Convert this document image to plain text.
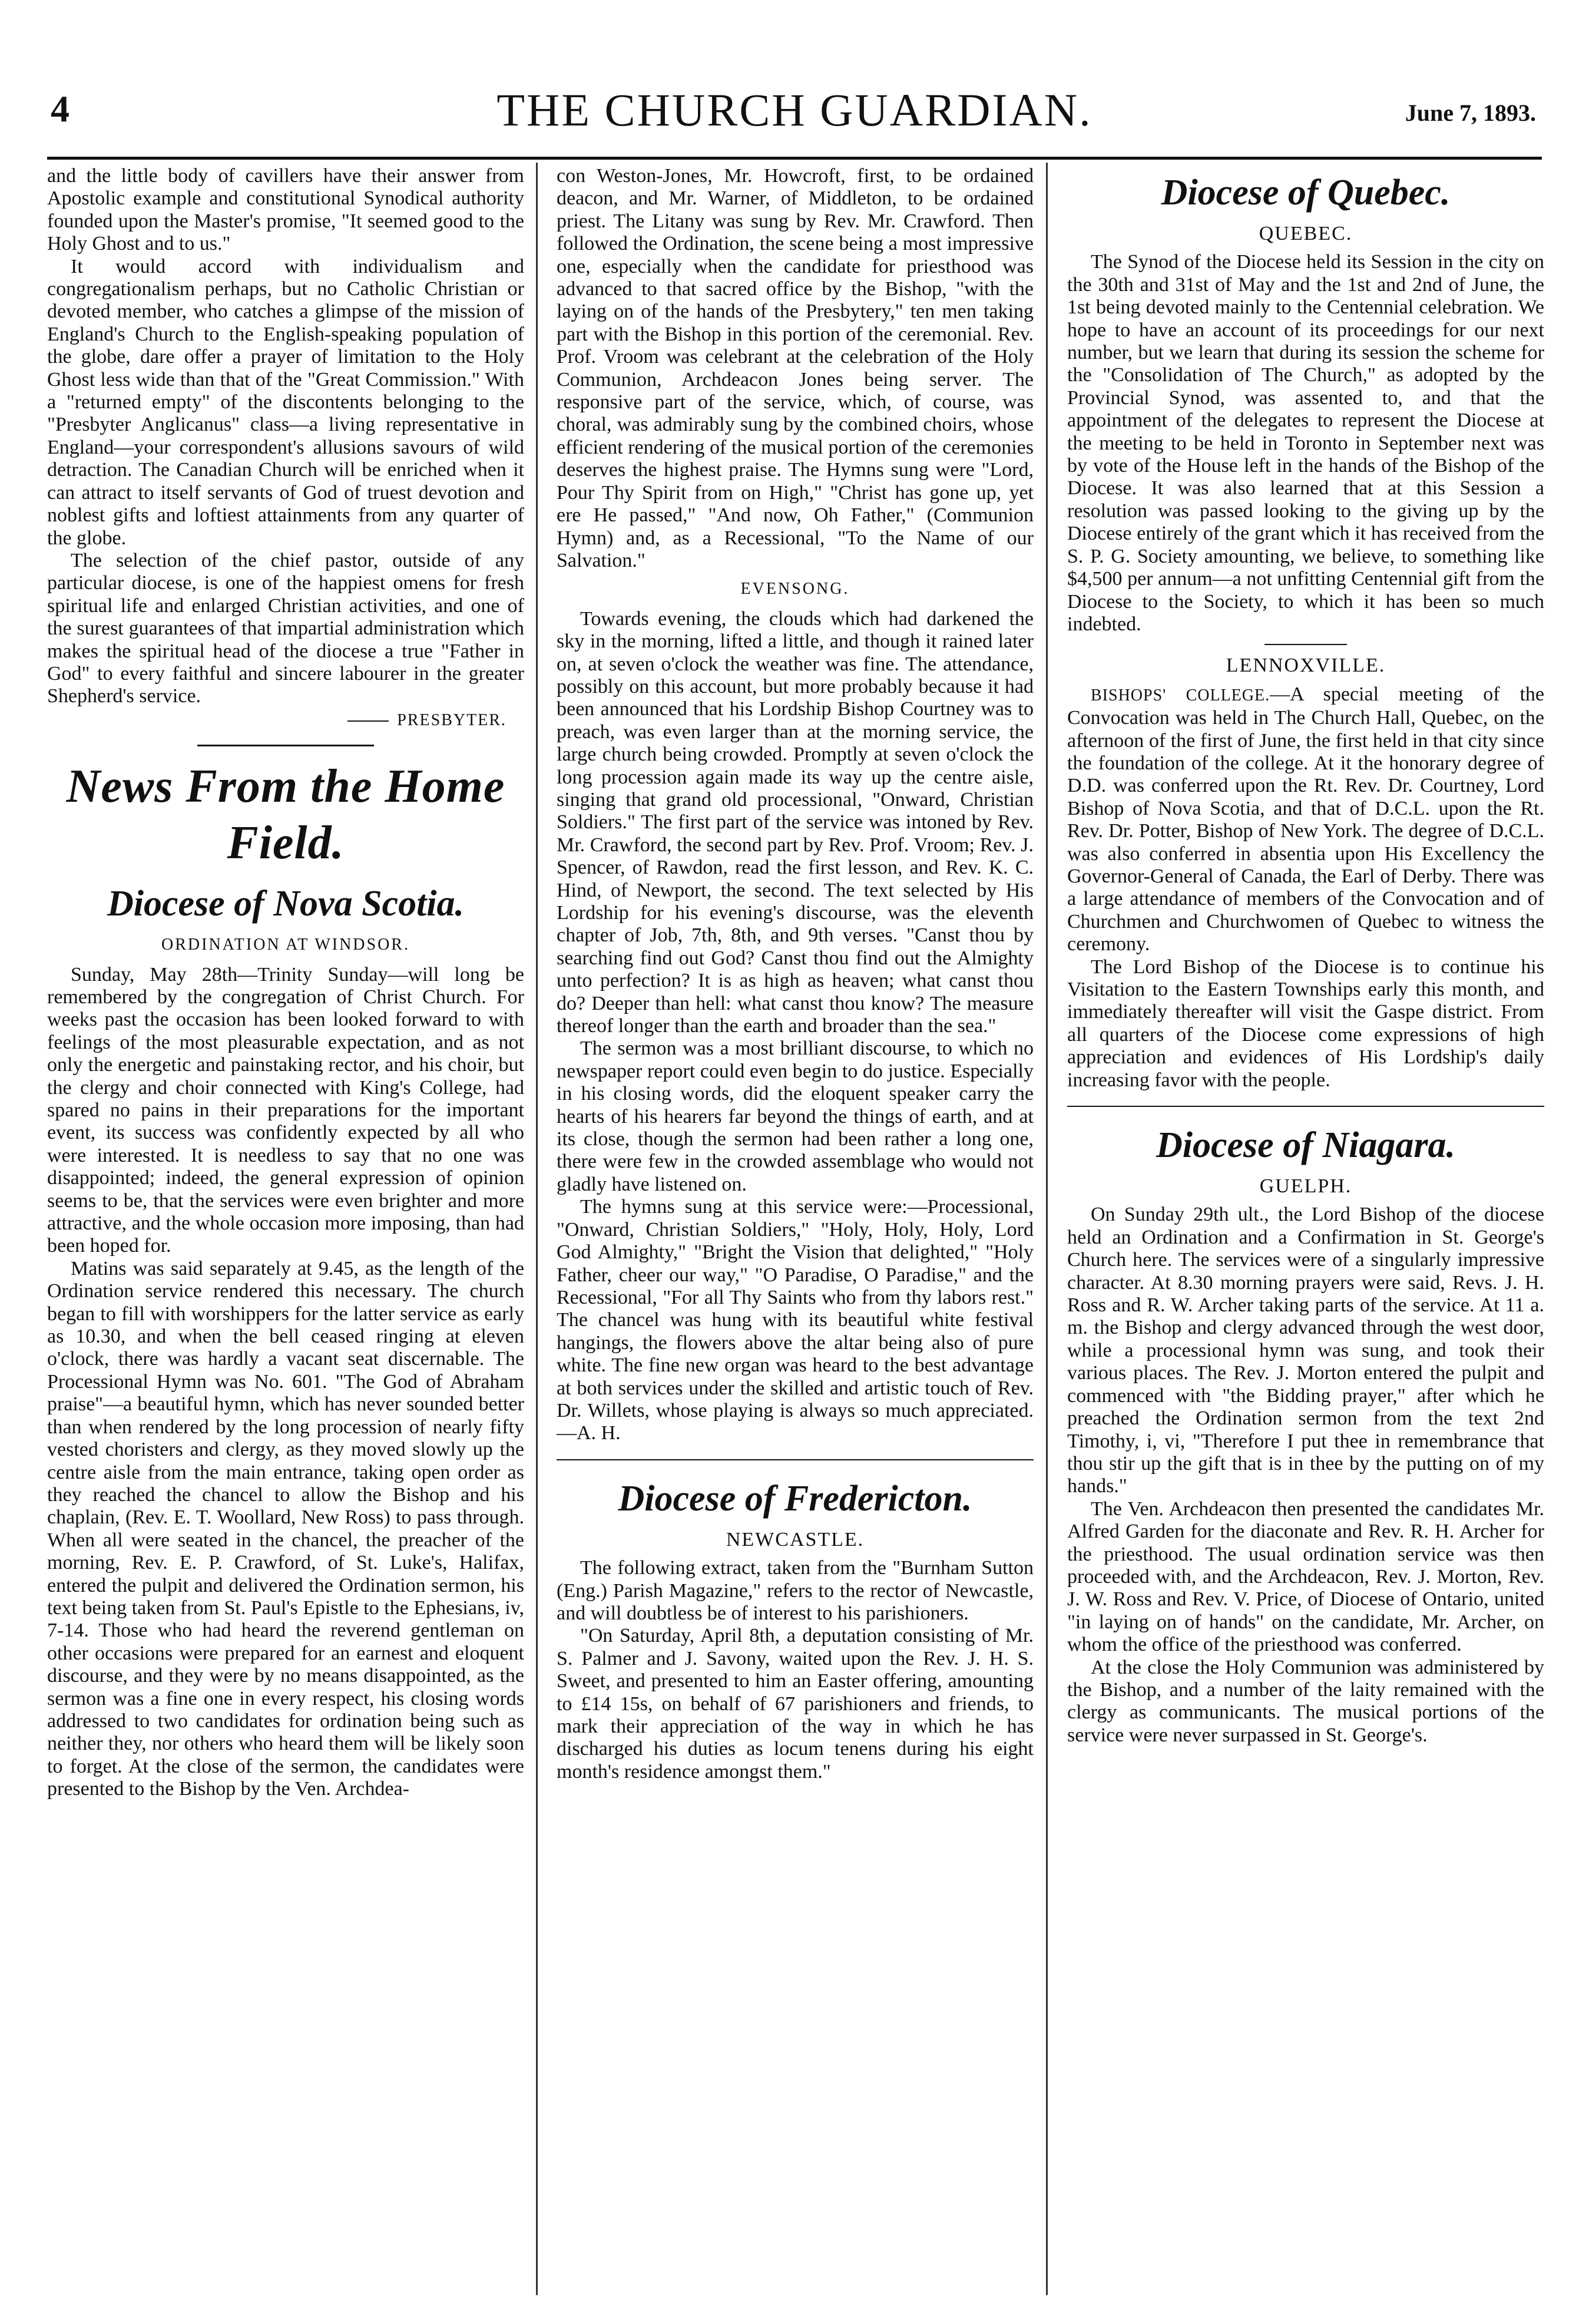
4	THE CHURCH GUARDIAN.	June 7, 1893.

and the little body of cavillers have their answer from Apostolic example and constitutional Synodical authority founded upon the Master's promise, "It seemed good to the Holy Ghost and to us."

It would accord with individualism and congregationalism perhaps, but no Catholic Christian or devoted member, who catches a glimpse of the mission of England's Church to the English-speaking population of the globe, dare offer a prayer of limitation to the Holy Ghost less wide than that of the "Great Commission." With a "returned empty" of the discontents belonging to the "Presbyter Anglicanus" class—a living representative in England—your correspondent's allusions savours of wild detraction. The Canadian Church will be enriched when it can attract to itself servants of God of truest devotion and noblest gifts and loftiest attainments from any quarter of the globe.

The selection of the chief pastor, outside of any particular diocese, is one of the happiest omens for fresh spiritual life and enlarged Christian activities, and one of the surest guarantees of that impartial administration which makes the spiritual head of the diocese a true "Father in God" to every faithful and sincere labourer in the greater Shepherd's service.

PRESBYTER.
News From the Home Field.
Diocese of Nova Scotia.
ORDINATION AT WINDSOR.

Sunday, May 28th—Trinity Sunday—will long be remembered by the congregation of Christ Church. For weeks past the occasion has been looked forward to with feelings of the most pleasurable expectation, and as not only the energetic and painstaking rector, and his choir, but the clergy and choir connected with King's College, had spared no pains in their preparations for the important event, its success was confidently expected by all who were interested. It is needless to say that no one was disappointed; indeed, the general expression of opinion seems to be, that the services were even brighter and more attractive, and the whole occasion more imposing, than had been hoped for.

Matins was said separately at 9.45, as the length of the Ordination service rendered this necessary. The church began to fill with worshippers for the latter service as early as 10.30, and when the bell ceased ringing at eleven o'clock, there was hardly a vacant seat discernable. The Processional Hymn was No. 601. "The God of Abraham praise"—a beautiful hymn, which has never sounded better than when rendered by the long procession of nearly fifty vested choristers and clergy, as they moved slowly up the centre aisle from the main entrance, taking open order as they reached the chancel to allow the Bishop and his chaplain, (Rev. E. T. Woollard, New Ross) to pass through. When all were seated in the chancel, the preacher of the morning, Rev. E. P. Crawford, of St. Luke's, Halifax, entered the pulpit and delivered the Ordination sermon, his text being taken from St. Paul's Epistle to the Ephesians, iv, 7-14. Those who had heard the reverend gentleman on other occasions were prepared for an earnest and eloquent discourse, and they were by no means disappointed, as the sermon was a fine one in every respect, his closing words addressed to two candidates for ordination being such as neither they, nor others who heard them will be likely soon to forget. At the close of the sermon, the candidates were presented to the Bishop by the Ven. Archdea-

con Weston-Jones, Mr. Howcroft, first, to be ordained deacon, and Mr. Warner, of Middleton, to be ordained priest. The Litany was sung by Rev. Mr. Crawford. Then followed the Ordination, the scene being a most impressive one, especially when the candidate for priesthood was advanced to that sacred office by the Bishop, "with the laying on of the hands of the Presbytery," ten men taking part with the Bishop in this portion of the ceremonial. Rev. Prof. Vroom was celebrant at the celebration of the Holy Communion, Archdeacon Jones being server. The responsive part of the service, which, of course, was choral, was admirably sung by the combined choirs, whose efficient rendering of the musical portion of the ceremonies deserves the highest praise. The Hymns sung were "Lord, Pour Thy Spirit from on High," "Christ has gone up, yet ere He passed," "And now, Oh Father," (Communion Hymn) and, as a Recessional, "To the Name of our Salvation."

EVENSONG.

Towards evening, the clouds which had darkened the sky in the morning, lifted a little, and though it rained later on, at seven o'clock the weather was fine. The attendance, possibly on this account, but more probably because it had been announced that his Lordship Bishop Courtney was to preach, was even larger than at the morning service, the large church being crowded. Promptly at seven o'clock the long procession again made its way up the centre aisle, singing that grand old processional, "Onward, Christian Soldiers." The first part of the service was intoned by Rev. Mr. Crawford, the second part by Rev. Prof. Vroom; Rev. J. Spencer, of Rawdon, read the first lesson, and Rev. K. C. Hind, of Newport, the second. The text selected by His Lordship for his evening's discourse, was the eleventh chapter of Job, 7th, 8th, and 9th verses. "Canst thou by searching find out God? Canst thou find out the Almighty unto perfection? It is as high as heaven; what canst thou do? Deeper than hell: what canst thou know? The measure thereof longer than the earth and broader than the sea."

The sermon was a most brilliant discourse, to which no newspaper report could even begin to do justice. Especially in his closing words, did the eloquent speaker carry the hearts of his hearers far beyond the things of earth, and at its close, though the sermon had been rather a long one, there were few in the crowded assemblage who would not gladly have listened on.

The hymns sung at this service were:—Processional, "Onward, Christian Soldiers," "Holy, Holy, Holy, Lord God Almighty," "Bright the Vision that delighted," "Holy Father, cheer our way," "O Paradise, O Paradise," and the Recessional, "For all Thy Saints who from thy labors rest." The chancel was hung with its beautiful white festival hangings, the flowers above the altar being also of pure white. The fine new organ was heard to the best advantage at both services under the skilled and artistic touch of Rev. Dr. Willets, whose playing is always so much appreciated.—A. H.

Diocese of Fredericton.
NEWCASTLE.

The following extract, taken from the "Burnham Sutton (Eng.) Parish Magazine," refers to the rector of Newcastle, and will doubtless be of interest to his parishioners.

"On Saturday, April 8th, a deputation consisting of Mr. S. Palmer and J. Savony, waited upon the Rev. J. H. S. Sweet, and presented to him an Easter offering, amounting to £14 15s, on behalf of 67 parishioners and friends, to mark their appreciation of the way in which he has discharged his duties as locum tenens during his eight month's residence amongst them."

Diocese of Quebec.
QUEBEC.

The Synod of the Diocese held its Session in the city on the 30th and 31st of May and the 1st and 2nd of June, the 1st being devoted mainly to the Centennial celebration. We hope to have an account of its proceedings for our next number, but we learn that during its session the scheme for the "Consolidation of The Church," as adopted by the Provincial Synod, was assented to, and that the appointment of the delegates to represent the Diocese at the meeting to be held in Toronto in September next was by vote of the House left in the hands of the Bishop of the Diocese. It was also learned that at this Session a resolution was passed looking to the giving up by the Diocese entirely of the grant which it has received from the S. P. G. Society amounting, we believe, to something like $4,500 per annum—a not unfitting Centennial gift from the Diocese to the Society, to which it has been so much indebted.

LENNOXVILLE.

BISHOPS' COLLEGE.—A special meeting of the Convocation was held in The Church Hall, Quebec, on the afternoon of the first of June, the first held in that city since the foundation of the college. At it the honorary degree of D.D. was conferred upon the Rt. Rev. Dr. Courtney, Lord Bishop of Nova Scotia, and that of D.C.L. upon the Rt. Rev. Dr. Potter, Bishop of New York. The degree of D.C.L. was also conferred in absentia upon His Excellency the Governor-General of Canada, the Earl of Derby. There was a large attendance of members of the Convocation and of Churchmen and Churchwomen of Quebec to witness the ceremony.

The Lord Bishop of the Diocese is to continue his Visitation to the Eastern Townships early this month, and immediately thereafter will visit the Gaspe district. From all quarters of the Diocese come expressions of high appreciation and evidences of His Lordship's daily increasing favor with the people.

Diocese of Niagara.
GUELPH.

On Sunday 29th ult., the Lord Bishop of the diocese held an Ordination and a Confirmation in St. George's Church here. The services were of a singularly impressive character. At 8.30 morning prayers were said, Revs. J. H. Ross and R. W. Archer taking parts of the service. At 11 a. m. the Bishop and clergy advanced through the west door, while a processional hymn was sung, and took their various places. The Rev. J. Morton entered the pulpit and commenced with "the Bidding prayer," after which he preached the Ordination sermon from the text 2nd Timothy, i, vi, "Therefore I put thee in remembrance that thou stir up the gift that is in thee by the putting on of my hands."

The Ven. Archdeacon then presented the candidates Mr. Alfred Garden for the diaconate and Rev. R. H. Archer for the priesthood. The usual ordination service was then proceeded with, and the Archdeacon, Rev. J. Morton, Rev. J. W. Ross and Rev. V. Price, of Diocese of Ontario, united "in laying on of hands" on the candidate, Mr. Archer, on whom the office of the priesthood was conferred.

At the close the Holy Communion was administered by the Bishop, and a number of the laity remained with the clergy as communicants. The musical portions of the service were never surpassed in St. George's.
